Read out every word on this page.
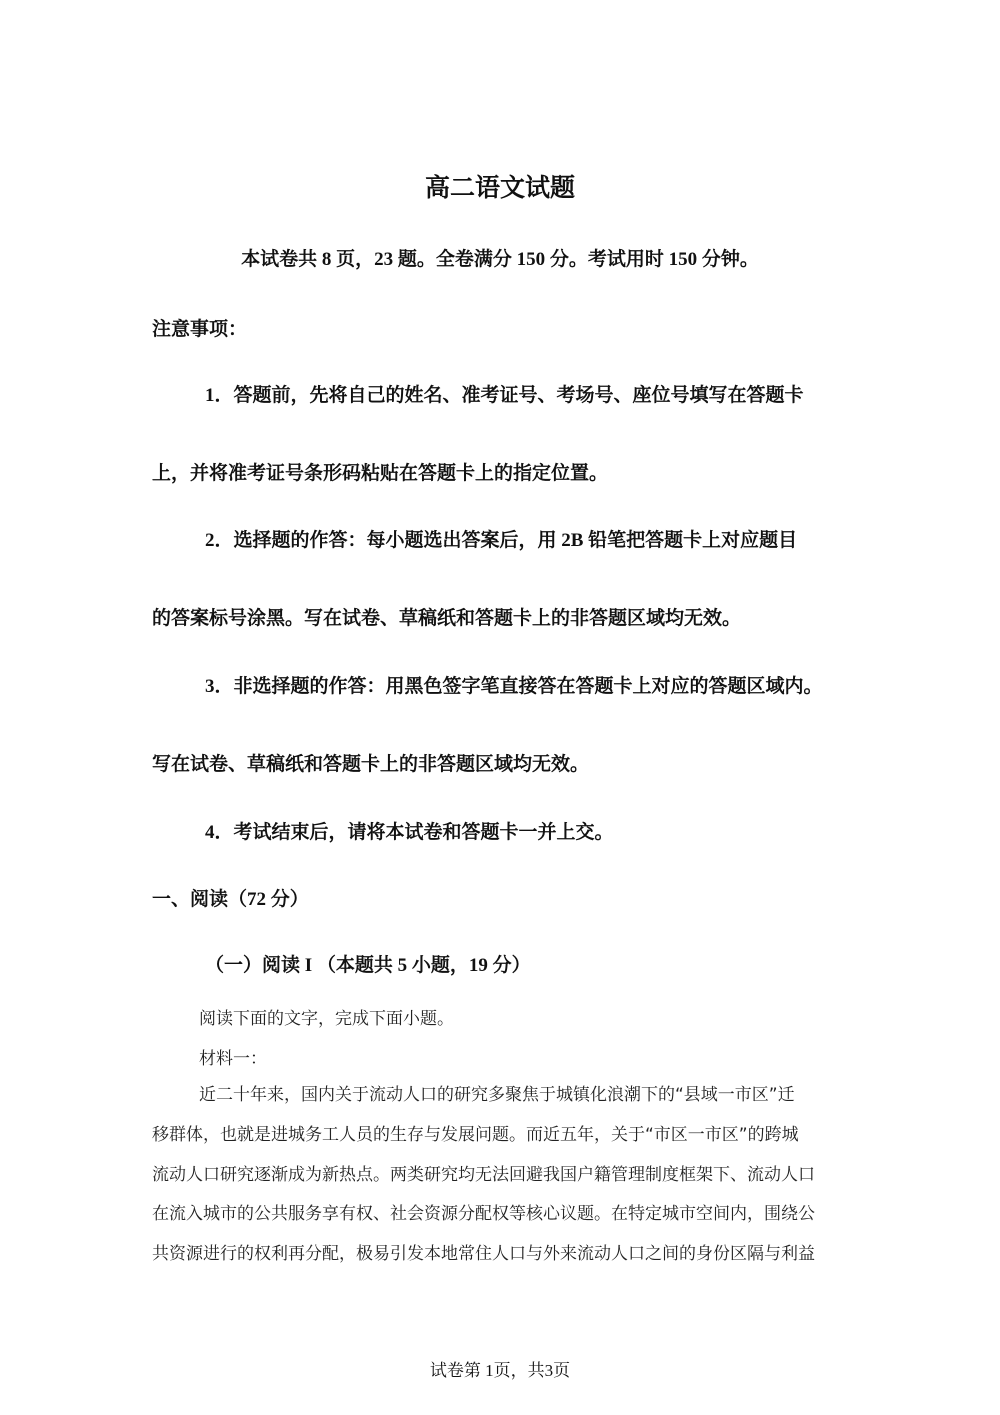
高二语文试题
本试卷共 8 页，23 题。全卷满分 150 分。考试用时 150 分钟。
注意事项：
1．答题前，先将自己的姓名、准考证号、考场号、座位号填写在答题卡
上，并将准考证号条形码粘贴在答题卡上的指定位置。
2．选择题的作答：每小题选出答案后，用 2B 铅笔把答题卡上对应题目
的答案标号涂黑。写在试卷、草稿纸和答题卡上的非答题区域均无效。
3．非选择题的作答：用黑色签字笔直接答在答题卡上对应的答题区域内。
写在试卷、草稿纸和答题卡上的非答题区域均无效。
4．考试结束后，请将本试卷和答题卡一并上交。
一、阅读（72 分）
（一）阅读 I （本题共 5 小题，19 分）
阅读下面的文字，完成下面小题。
材料一：
近二十年来，国内关于流动人口的研究多聚焦于城镇化浪潮下的“县域一市区”迁
移群体，也就是进城务工人员的生存与发展问题。而近五年，关于“市区一市区”的跨城
流动人口研究逐渐成为新热点。两类研究均无法回避我国户籍管理制度框架下、流动人口
在流入城市的公共服务享有权、社会资源分配权等核心议题。在特定城市空间内，围绕公
共资源进行的权利再分配，极易引发本地常住人口与外来流动人口之间的身份区隔与利益
试卷第 1页，共3页
